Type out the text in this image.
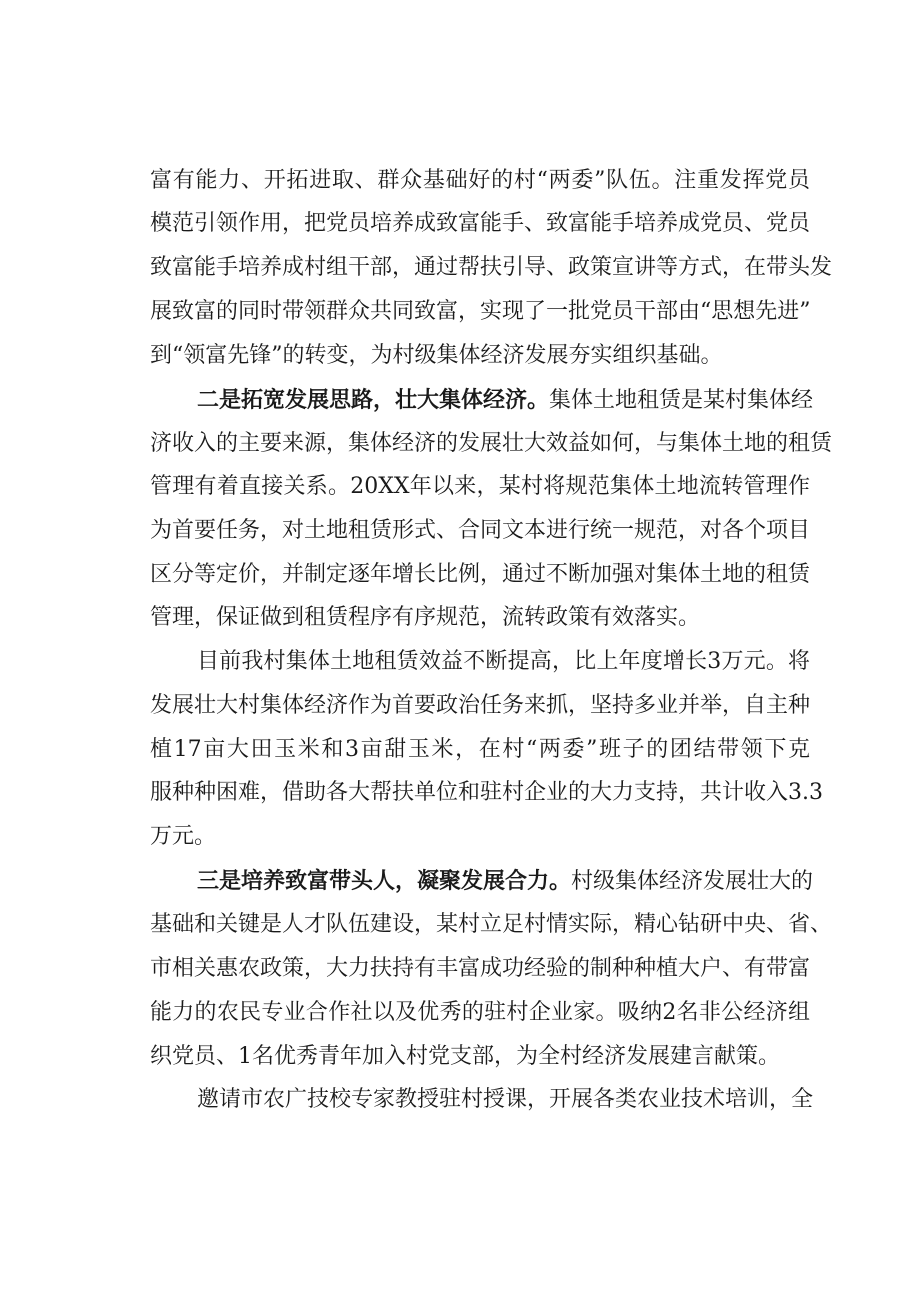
富有能力、开拓进取、群众基础好的村“两委”队伍。注重发挥党员
模范引领作用，把党员培养成致富能手、致富能手培养成党员、党员
致富能手培养成村组干部，通过帮扶引导、政策宣讲等方式，在带头发
展致富的同时带领群众共同致富，实现了一批党员干部由“思想先进”
到“领富先锋”的转变，为村级集体经济发展夯实组织基础。
二是拓宽发展思路，壮大集体经济。集体土地租赁是某村集体经
济收入的主要来源，集体经济的发展壮大效益如何，与集体土地的租赁
管理有着直接关系。20XX年以来，某村将规范集体土地流转管理作
为首要任务，对土地租赁形式、合同文本进行统一规范，对各个项目
区分等定价，并制定逐年增长比例，通过不断加强对集体土地的租赁
管理，保证做到租赁程序有序规范，流转政策有效落实。
目前我村集体土地租赁效益不断提高，比上年度增长3万元。将
发展壮大村集体经济作为首要政治任务来抓，坚持多业并举，自主种
植17亩大田玉米和3亩甜玉米，在村“两委”班子的团结带领下克
服种种困难，借助各大帮扶单位和驻村企业的大力支持，共计收入3.3
万元。
三是培养致富带头人，凝聚发展合力。村级集体经济发展壮大的
基础和关键是人才队伍建设，某村立足村情实际，精心钻研中央、省、
市相关惠农政策，大力扶持有丰富成功经验的制种种植大户、有带富
能力的农民专业合作社以及优秀的驻村企业家。吸纳2名非公经济组
织党员、1名优秀青年加入村党支部，为全村经济发展建言献策。
邀请市农广技校专家教授驻村授课，开展各类农业技术培训，全
